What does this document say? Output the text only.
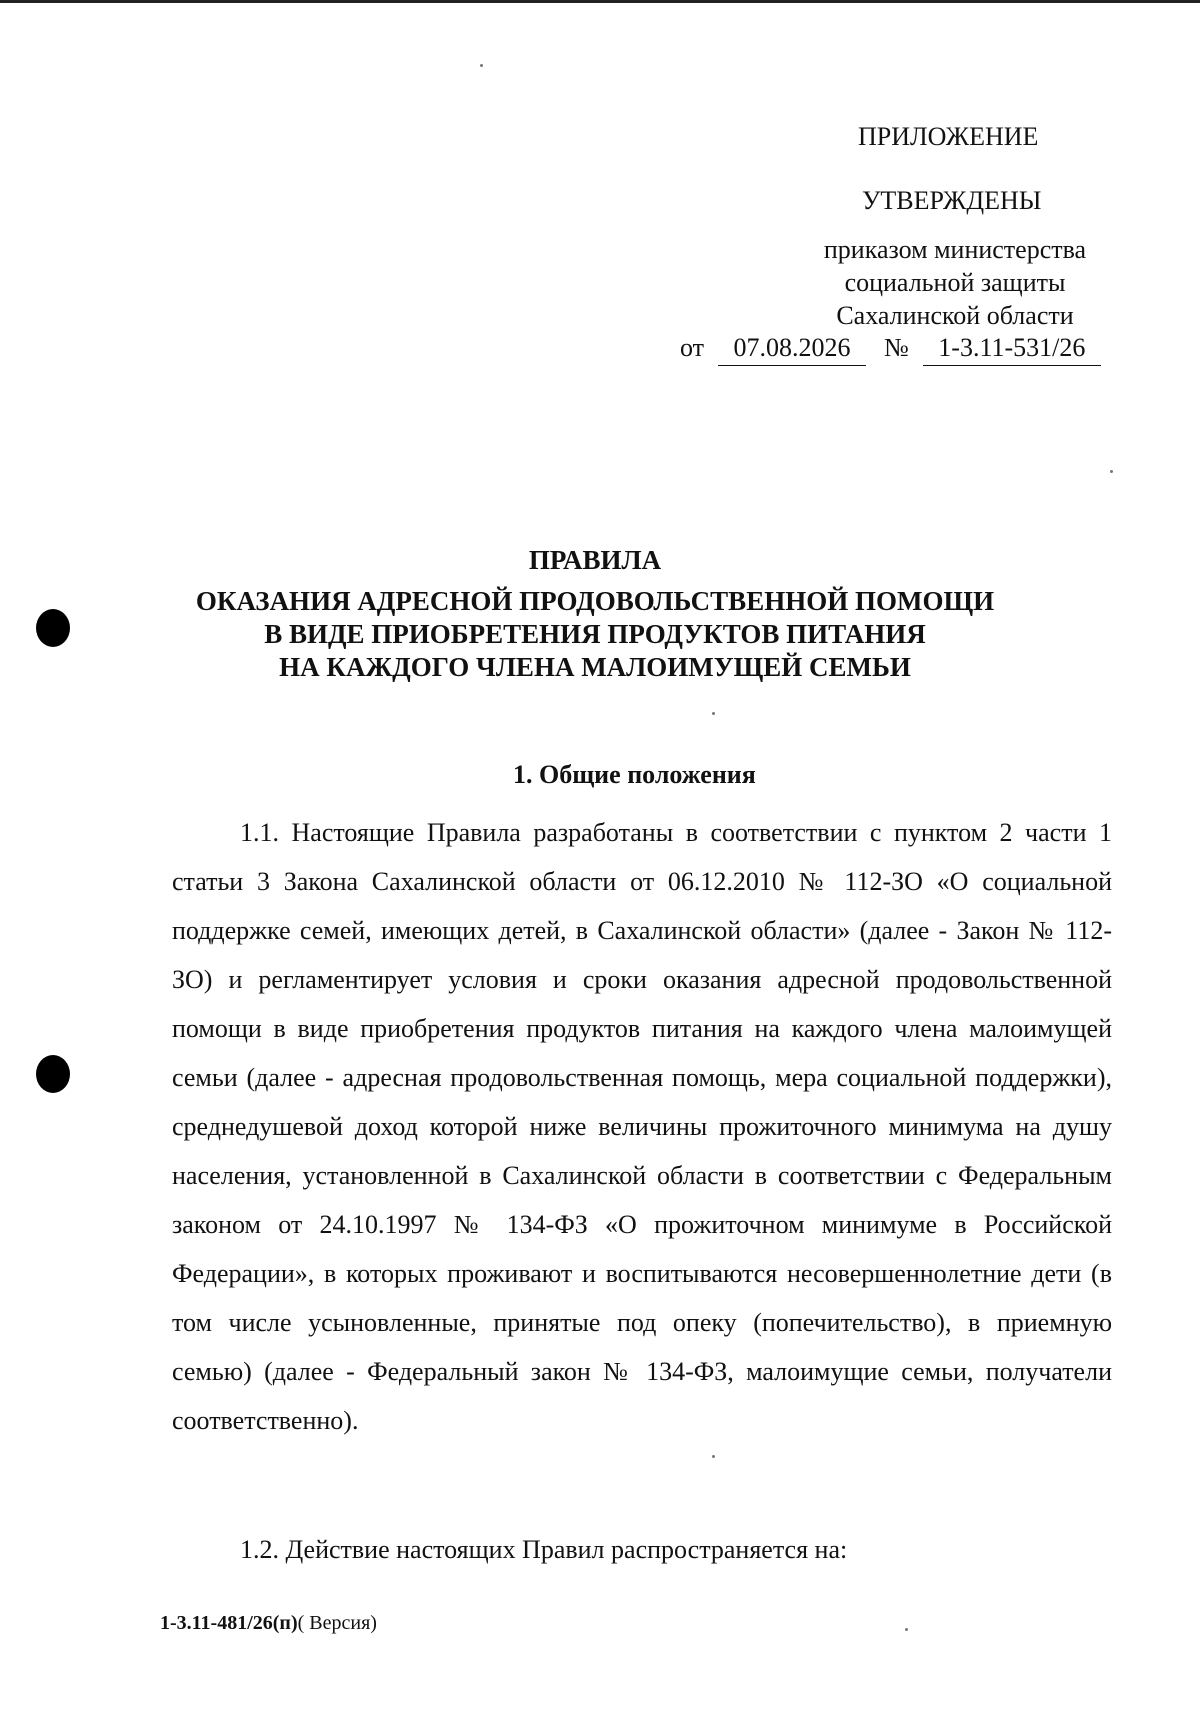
ПРИЛОЖЕНИЕ
УТВЕРЖДЕНЫ
приказом министерства
социальной защиты
Сахалинской области
от	07.08.2026	№	1-3.11-531/26
ПРАВИЛА
ОКАЗАНИЯ АДРЕСНОЙ ПРОДОВОЛЬСТВЕННОЙ ПОМОЩИ
В ВИДЕ ПРИОБРЕТЕНИЯ ПРОДУКТОВ ПИТАНИЯ
НА КАЖДОГО ЧЛЕНА МАЛОИМУЩЕЙ СЕМЬИ
1. Общие положения

1.1. Настоящие Правила разработаны в соответствии с пунктом 2 части 1 статьи 3 Закона Сахалинской области от 06.12.2010 № 112-ЗО «О социальной поддержке семей, имеющих детей, в Сахалинской области» (далее - Закон № 112-ЗО) и регламентирует условия и сроки оказания адресной продовольственной помощи в виде приобретения продуктов питания на каждого члена малоимущей семьи (далее - адресная продовольственная помощь, мера социальной поддержки), среднедушевой доход которой ниже величины прожиточного минимума на душу населения, установленной в Сахалинской области в соответствии с Федеральным законом от 24.10.1997 № 134-ФЗ «О прожиточном минимуме в Российской Федерации», в которых проживают и воспитываются несовершеннолетние дети (в том числе усыновленные, принятые под опеку (попечительство), в приемную семью) (далее - Федеральный закон № 134-ФЗ, малоимущие семьи, получатели соответственно).

1.2. Действие настоящих Правил распространяется на:

1-3.11-481/26(п)( Версия)
